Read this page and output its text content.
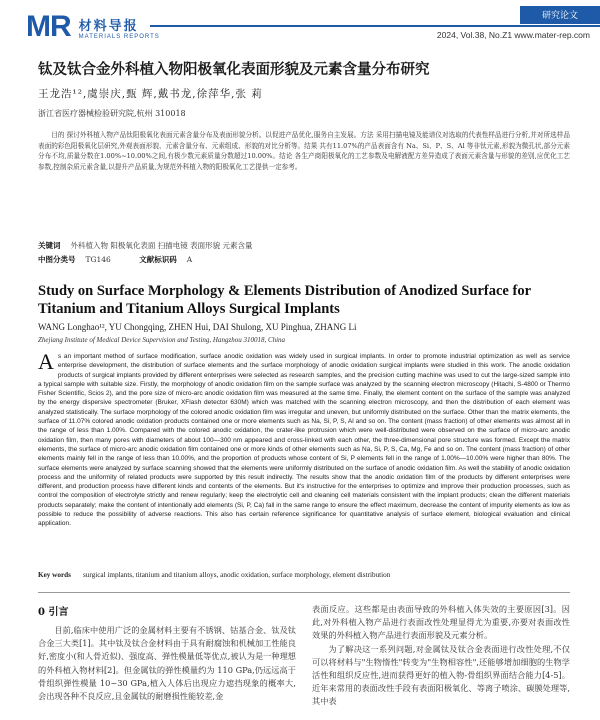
MR 材料导报
MATERIALS REPORTS
研究论文
2024, Vol.38, No.Z1 www.mater-rep.com
钛及钛合金外科植入物阳极氧化表面形貌及元素含量分布研究
王龙浩¹²,虞崇庆,甄 辉,戴书龙,徐萍华,张 莉
浙江省医疗器械检验研究院,杭州 310018
目的 探讨外科植入物产品钛阳极氧化表面元素含量分布及表面形貌分析。以促进产品优化,服务自主发展。方法 采用扫描电镜及能谱仪对选取的代表性样品进行分析,并对所选样品表面的彩色阳极氧化层研究,外观表面形貌、元素含量分布、元素组成、形貌的对比分析等。结果 共有11.07%的产品表面含有 Na、Si、P、S、Al 等非钛元素,形貌为微孔状,部分元素分布不均,质量分数在1.00%~10.00%之间,有极少数元素质量分数超过10.00%。结论 各生产商阳极氧化的工艺参数及电解液配方差异造成了表面元素含量与形貌的差别,应优化工艺参数,控制杂质元素含量,以提升产品质量,为规范外科植入物的阳极氧化工艺提供一定参考。
关键词 外科植入物 阳极氧化表面 扫描电镜 表面形貌 元素含量
中图分类号 TG146	文献标识码 A
Study on Surface Morphology & Elements Distribution of Anodized Surface for Titanium and Titanium Alloys Surgical Implants
WANG Longhao¹², YU Chongqing, ZHEN Hui, DAI Shulong, XU Pinghua, ZHANG Li
Zhejiang Institute of Medical Device Supervision and Testing, Hangzhou 310018, China
As an important method of surface modification, surface anodic oxidation was widely used in surgical implants. In order to promote industrial optimization as well as service enterprise development, the distribution of surface elements and the surface morphology of anodic oxidation surgical implants were studied in this work. The anodic oxidation products of surgical implants provided by different enterprises were selected as research samples, and the precision cutting machine was used to cut the large-sized sample into a typical sample with suitable size. Firstly, the morphology of anodic oxidation film on the sample surface was analyzed by the scanning electron microscopy (Hitachi, S-4800 or Thermo Fisher Scientific, Scios 2), and the pore size of micro-arc anodic oxidation film was measured at the same time. Finally, the element content on the surface of the sample was analyzed by the energy dispersive spectrometer (Bruker, XFlash detector 630M) which was matched with the scanning electron microscopy, and then the distribution of each element was analyzed statistically. The surface morphology of the colored anodic oxidation film was irregular and uneven, but uniformly distributed on the surface. Other than the matrix elements, the surface of 11.07% colored anodic oxidation products contained one or more elements such as Na, Si, P, S, Al and so on. The content (mass fraction) of other elements was almost all in the range of less than 1.00%. Compared with the colored anodic oxidation, the crater-like protrusion which were well-distributed were observed on the surface of micro-arc anodic oxidation film, then many pores with diameters of about 100—300 nm appeared and cross-linked with each other, the three-dimensional pore structure was formed. Except the matrix elements, the surface of micro-arc anodic oxidation film contained one or more kinds of other elements such as Na, Si, P, S, Ca, Mg, Fe and so on. The content (mass fraction) of other elements mainly fell in the range of less than 10.00%, and the proportion of products whose content of Si, P elements fell in the range of 1.00%—10.00% were higher than 80%. The surface elements were analyzed by surface scanning showed that the elements were uniformly distributed on the surface of anodic oxidation film. As well the stability of anodic oxidation process and the uniformity of related products were supported by this result indirectly. The results show that the anodic oxidation film of the products by different enterprises were different, and production process have different kinds and contents of the elements. But it's instructive for the enterprises to optimize and improve their production processes, such as control the composition of electrolyte strictly and renew regularly; keep the electrolytic cell and cleaning cell materials consistent with the implant products; clean the different materials products separately; make the content of intentionally add elements (Si, P, Ca) fall in the same range to ensure the effect maximum, decrease the content of impurity elements as low as possible to reduce the possibility of adverse reactions. This also has certain reference significance for quantitative analysis of surface element, biological evaluation and clinical application.
Key words surgical implants, titanium and titanium alloys, anodic oxidation, surface morphology, element distribution
0 引言

目前,临床中使用广泛的金属材料主要有不锈钢、钴基合金、钛及钛合金三大类[1]。其中钛及钛合金材料由于具有耐腐蚀和机械加工性能良好,密度小(和人骨近似)、强度高、弹性模量低等优点,被认为是一种理想的外科植入物材料[2]。但金属钛的弹性模量约为 110 GPa,仍远远高于骨组织弹性模量 10~30 GPa,植入人体后出现应力遮挡现象的概率大,会出现各种不良反应,且金属钛的耐磨损性能较差,金

表面反应。这些都是由表面导致的外科植入体失效的主要原因[3]。因此,对外科植入物产品进行表面改性处理显得尤为重要,亦要对表面改性效果的外科植入物产品进行表面形貌及元素分析。

为了解决这一系列问题,对金属钛及钛合金表面进行改性处理,不仅可以将材料与"生物惰性"转变为"生物相容性",还能够增加细胞的生物学活性和组织反应性,进而获得更好的植入物-骨组织界面结合能力[4-5]。近年来常用的表面改性手段有表面阳极氧化、等离子喷涂、碳膜处理等,其中表
